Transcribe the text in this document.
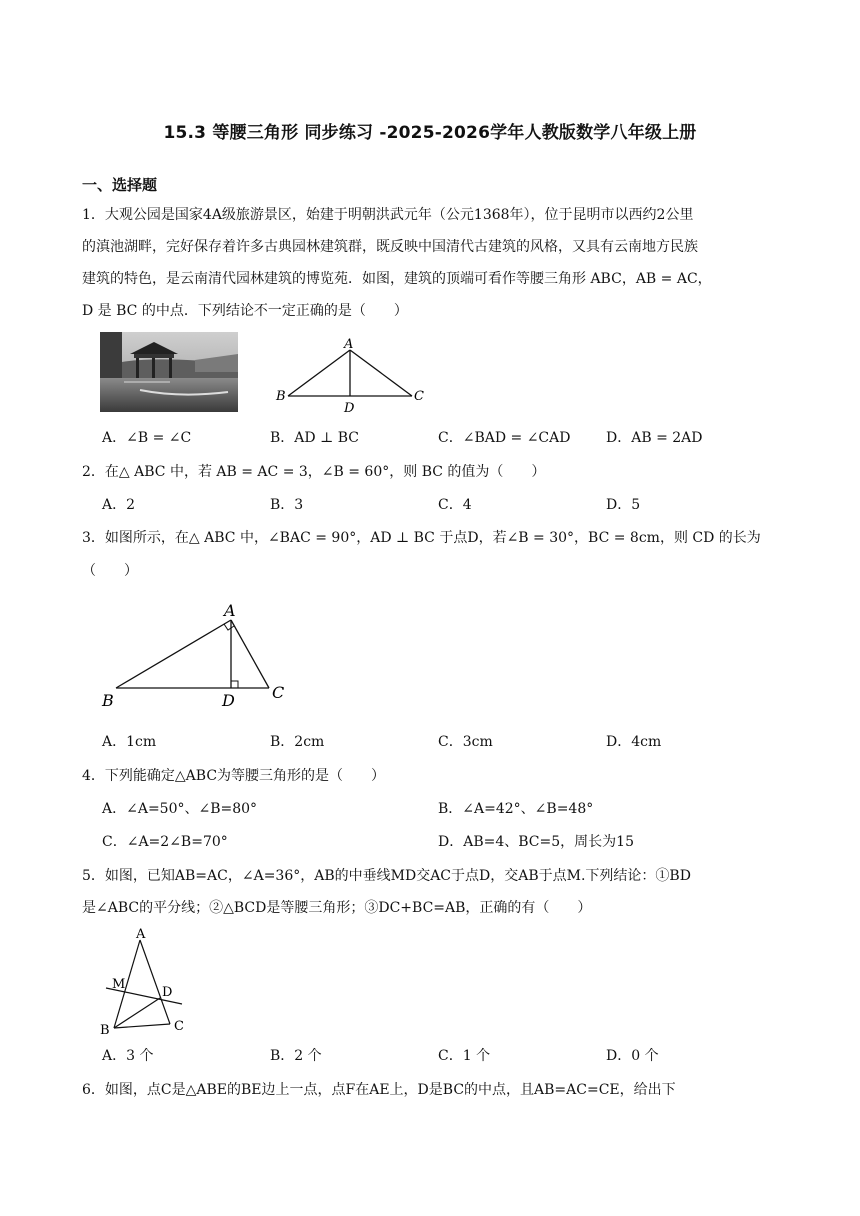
15.3 等腰三角形 同步练习 -2025-2026学年人教版数学八年级上册
一、选择题
1．大观公园是国家4A级旅游景区，始建于明朝洪武元年（公元1368年），位于昆明市以西约2公里
的滇池湖畔，完好保存着许多古典园林建筑群，既反映中国清代古建筑的风格，又具有云南地方民族
建筑的特色，是云南清代园林建筑的博览苑．如图，建筑的顶端可看作等腰三角形 ABC，AB = AC，
D 是 BC 的中点．下列结论不一定正确的是（　　）
A
B	C
D
A．∠B = ∠C	B．AD ⊥ BC	C．∠BAD = ∠CAD	D．AB = 2AD
2．在△ ABC 中，若 AB = AC = 3，∠B = 60°，则 BC 的值为（　　）
A．2	B．3	C．4	D．5
3．如图所示，在△ ABC 中，∠BAC = 90°，AD ⊥ BC 于点D，若∠B = 30°，BC = 8cm，则 CD 的长为
（　　）
A
B	C
D
A．1cm	B．2cm	C．3cm	D．4cm
4．下列能确定△ABC为等腰三角形的是（　　）
A．∠A=50°、∠B=80°	B．∠A=42°、∠B=48°
C．∠A=2∠B=70°	D．AB=4、BC=5，周长为15
5．如图，已知AB=AC，∠A=36°，AB的中垂线MD交AC于点D，交AB于点M.下列结论：①BD
是∠ABC的平分线；②△BCD是等腰三角形；③DC+BC=AB，正确的有（　　）
A
M
D
B	C
A．3 个	B．2 个	C．1 个	D．0 个
6．如图，点C是△ABE的BE边上一点，点F在AE上，D是BC的中点，且AB=AC=CE，给出下
